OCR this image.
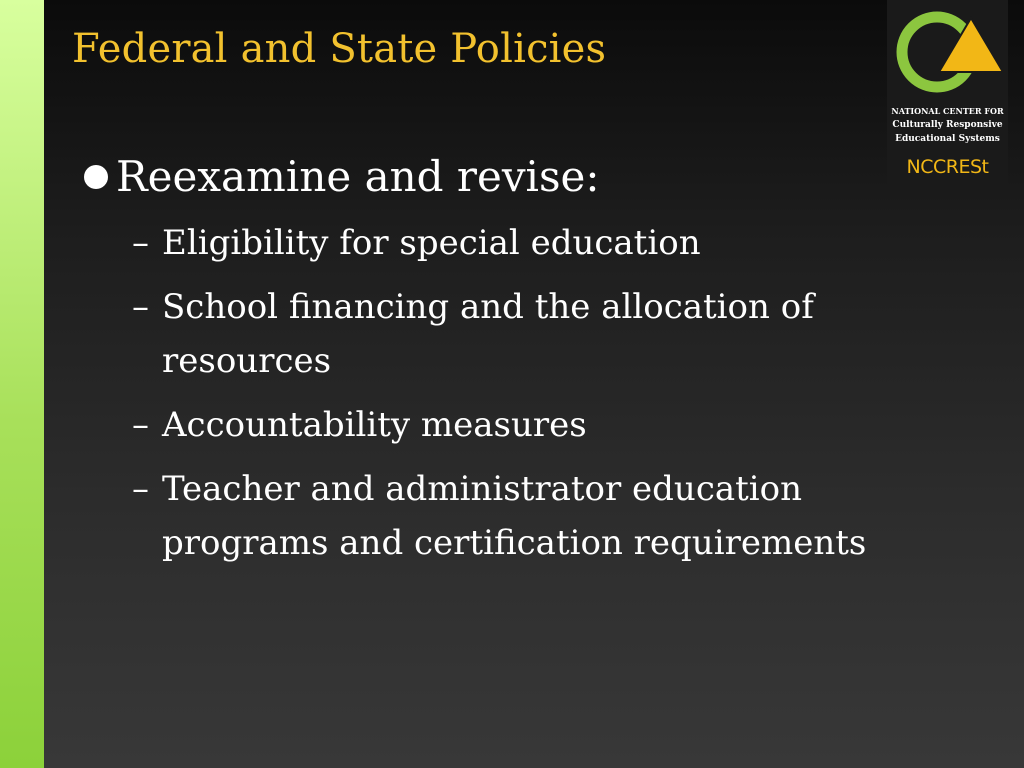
Federal and State Policies
Reexamine and revise:
– Eligibility for special education
– School financing and the allocation of resources
– Accountability measures
– Teacher and administrator education programs and certification requirements
NATIONAL CENTER FOR
Culturally Responsive
Educational Systems
NCCRESt
